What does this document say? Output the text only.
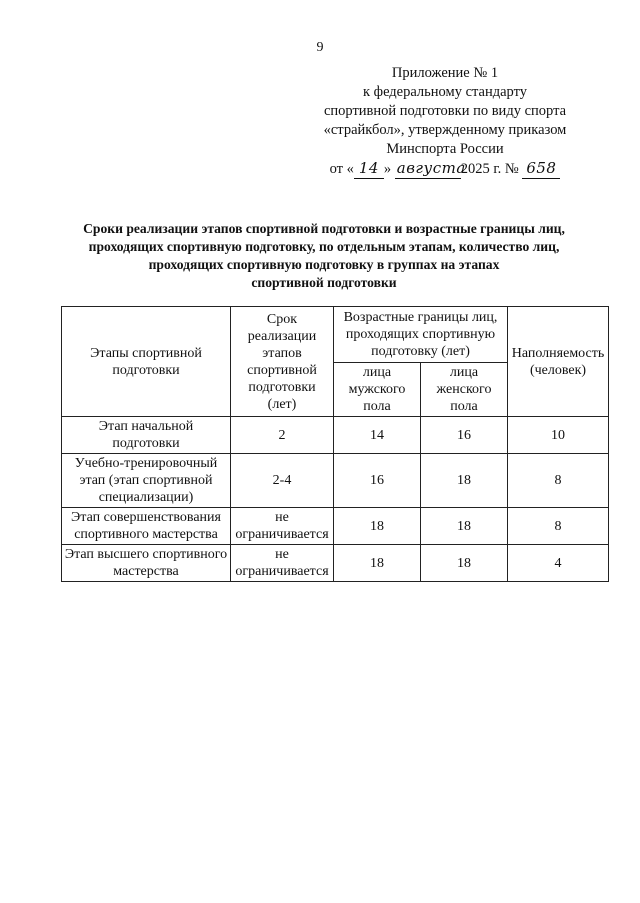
9
Приложение № 1
к федеральному стандарту
спортивной подготовки по виду спорта
«страйкбол», утвержденному приказом
Минспорта России
от « 14 » августа2025 г. № 658
Сроки реализации этапов спортивной подготовки и возрастные границы лиц,
проходящих спортивную подготовку, по отдельным этапам, количество лиц,
проходящих спортивную подготовку в группах на этапах
спортивной подготовки
Этапы спортивной подготовки	Срок реализации этапов спортивной подготовки (лет)	Возрастные границы лиц, проходящих спортивную подготовку (лет)		Наполняемость (человек)
		лица мужского пола	лица женского пола	
Этап начальной подготовки	2	14	16	10
Учебно-тренировочный этап (этап спортивной специализации)	2-4	16	18	8
Этап совершенствования спортивного мастерства	не ограничивается	18	18	8
Этап высшего спортивного мастерства	не ограничивается	18	18	4
